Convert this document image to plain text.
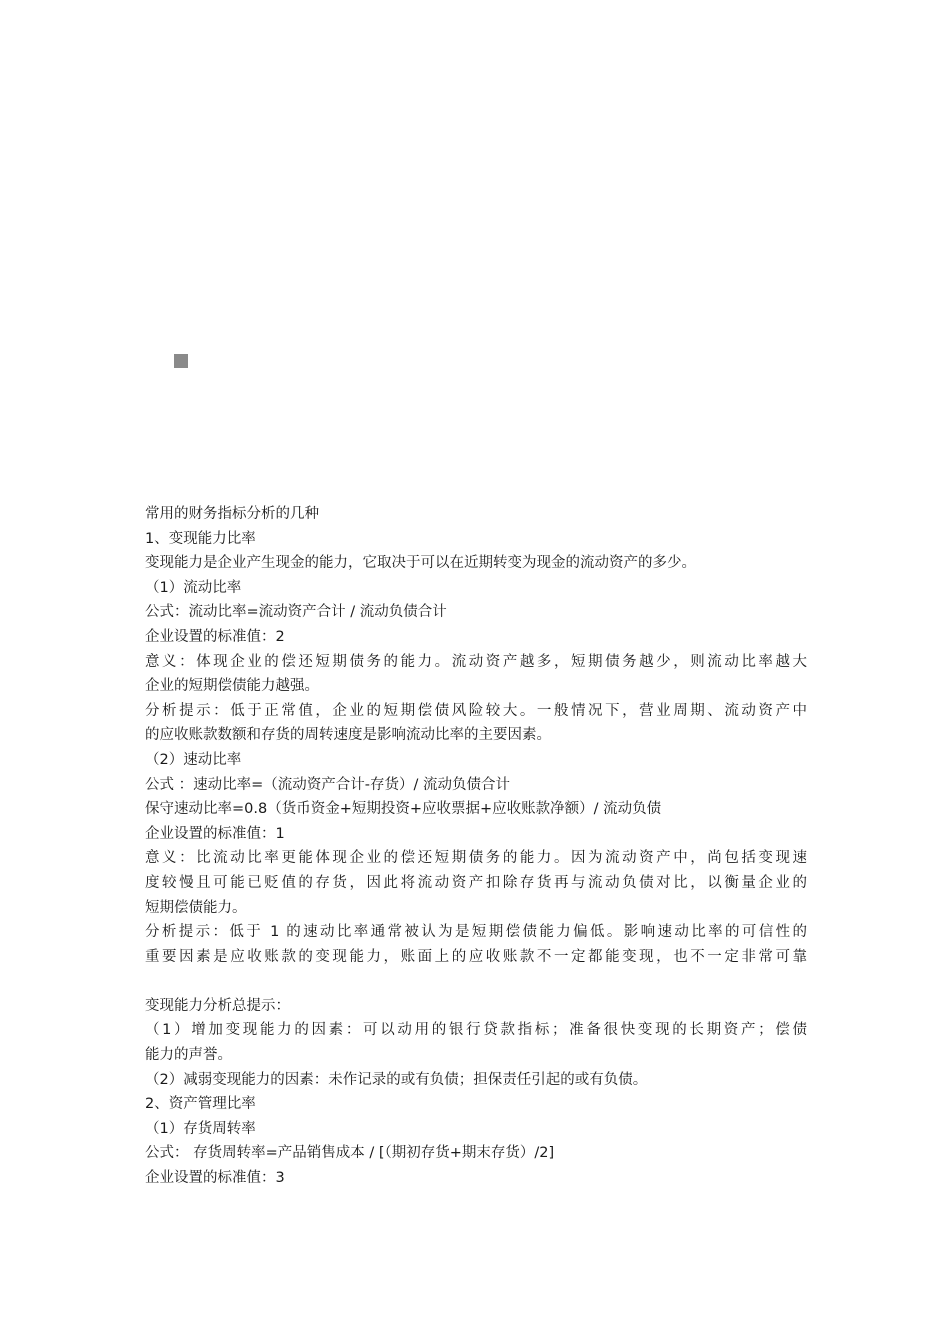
常用的财务指标分析的几种
1、变现能力比率
变现能力是企业产生现金的能力，它取决于可以在近期转变为现金的流动资产的多少。
（1）流动比率
公式：流动比率=流动资产合计 / 流动负债合计
企业设置的标准值：2
意义：体现企业的偿还短期债务的能力。流动资产越多，短期债务越少，则流动比率越大
企业的短期偿债能力越强。
分析提示：低于正常值，企业的短期偿债风险较大。一般情况下，营业周期、流动资产中
的应收账款数额和存货的周转速度是影响流动比率的主要因素。
（2）速动比率
公式 ：速动比率=（流动资产合计-存货）/ 流动负债合计
保守速动比率=0.8（货币资金+短期投资+应收票据+应收账款净额）/ 流动负债
企业设置的标准值：1
意义：比流动比率更能体现企业的偿还短期债务的能力。因为流动资产中，尚包括变现速
度较慢且可能已贬值的存货，因此将流动资产扣除存货再与流动负债对比，以衡量企业的
短期偿债能力。
分析提示：低于 1 的速动比率通常被认为是短期偿债能力偏低。影响速动比率的可信性的
重要因素是应收账款的变现能力，账面上的应收账款不一定都能变现，也不一定非常可靠
变现能力分析总提示：
（1）增加变现能力的因素：可以动用的银行贷款指标；准备很快变现的长期资产；偿债
能力的声誉。
（2）减弱变现能力的因素：未作记录的或有负债；担保责任引起的或有负债。
2、资产管理比率
（1）存货周转率
公式： 存货周转率=产品销售成本 / [（期初存货+期末存货）/2]
企业设置的标准值：3
